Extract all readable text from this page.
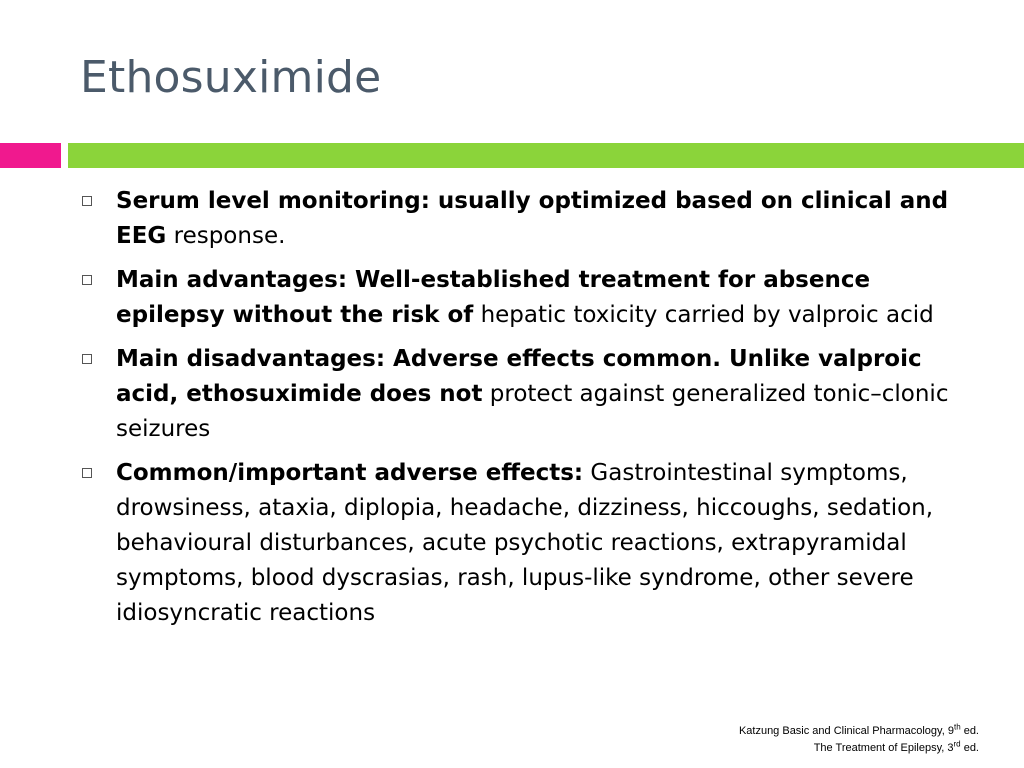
Ethosuximide
Serum level monitoring: usually optimized based on clinical and EEG response.
Main advantages: Well-established treatment for absence epilepsy without the risk of hepatic toxicity carried by valproic acid
Main disadvantages: Adverse effects common. Unlike valproic acid, ethosuximide does not protect against generalized tonic–clonic seizures
Common/important adverse effects: Gastrointestinal symptoms, drowsiness, ataxia, diplopia, headache, dizziness, hiccoughs, sedation, behavioural disturbances, acute psychotic reactions, extrapyramidal symptoms, blood dyscrasias, rash, lupus-like syndrome, other severe idiosyncratic reactions
Katzung Basic and Clinical Pharmacology, 9th ed.
The Treatment of Epilepsy, 3rd ed.
